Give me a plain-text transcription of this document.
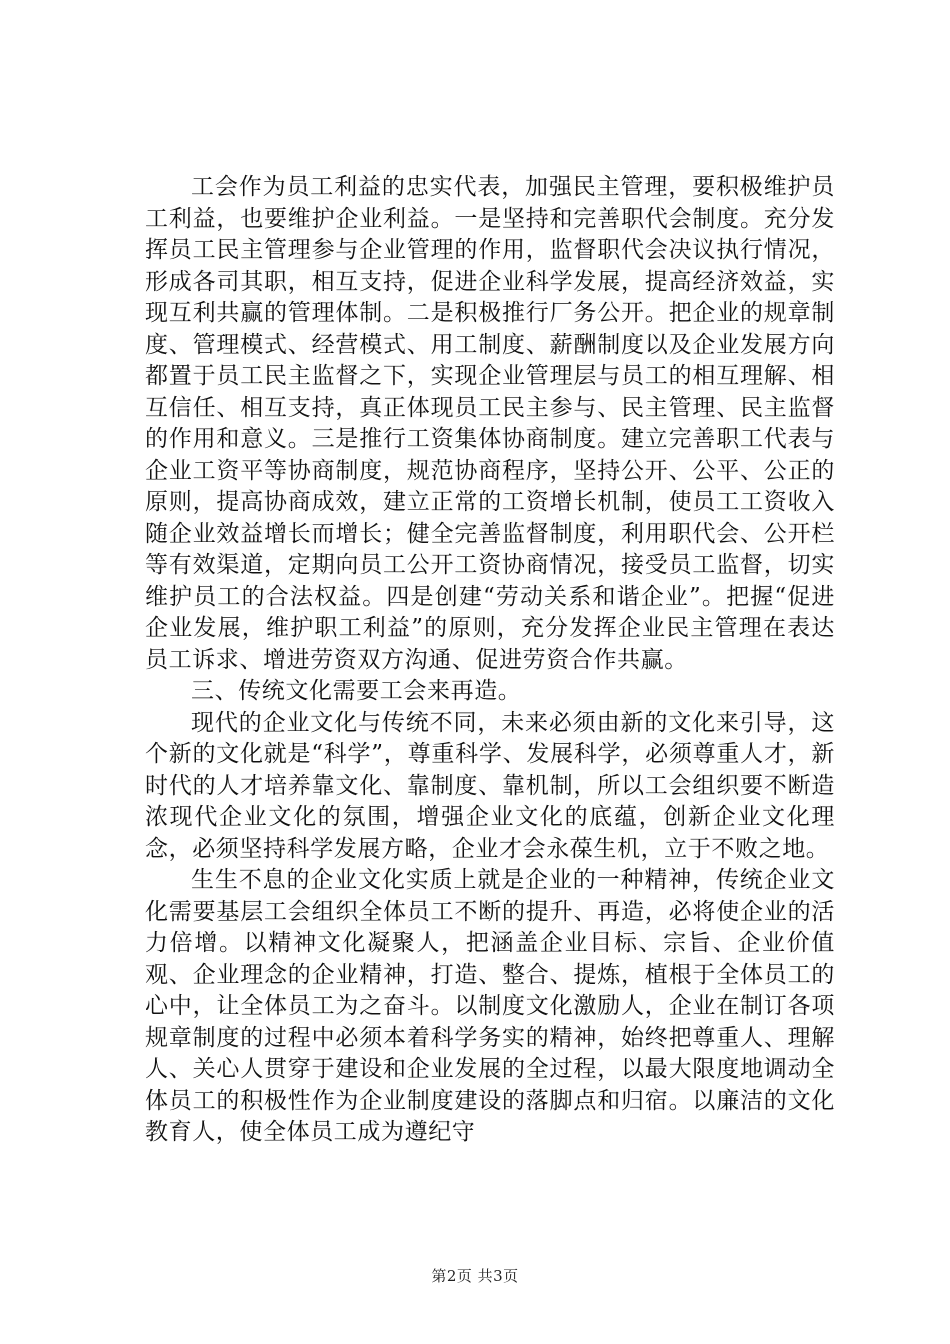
工会作为员工利益的忠实代表，加强民主管理，要积极维护员工利益，也要维护企业利益。一是坚持和完善职代会制度。充分发挥员工民主管理参与企业管理的作用，监督职代会决议执行情况，形成各司其职，相互支持，促进企业科学发展，提高经济效益，实现互利共赢的管理体制。二是积极推行厂务公开。把企业的规章制度、管理模式、经营模式、用工制度、薪酬制度以及企业发展方向都置于员工民主监督之下，实现企业管理层与员工的相互理解、相互信任、相互支持，真正体现员工民主参与、民主管理、民主监督的作用和意义。三是推行工资集体协商制度。建立完善职工代表与企业工资平等协商制度，规范协商程序，坚持公开、公平、公正的原则，提高协商成效，建立正常的工资增长机制，使员工工资收入随企业效益增长而增长；健全完善监督制度，利用职代会、公开栏等有效渠道，定期向员工公开工资协商情况，接受员工监督，切实维护员工的合法权益。四是创建“劳动关系和谐企业”。把握“促进企业发展，维护职工利益”的原则，充分发挥企业民主管理在表达员工诉求、增进劳资双方沟通、促进劳资合作共赢。

三、传统文化需要工会来再造。

现代的企业文化与传统不同，未来必须由新的文化来引导，这个新的文化就是“科学”，尊重科学、发展科学，必须尊重人才，新时代的人才培养靠文化、靠制度、靠机制，所以工会组织要不断造浓现代企业文化的氛围，增强企业文化的底蕴，创新企业文化理念，必须坚持科学发展方略，企业才会永葆生机，立于不败之地。

生生不息的企业文化实质上就是企业的一种精神，传统企业文化需要基层工会组织全体员工不断的提升、再造，必将使企业的活力倍增。以精神文化凝聚人，把涵盖企业目标、宗旨、企业价值观、企业理念的企业精神，打造、整合、提炼，植根于全体员工的心中，让全体员工为之奋斗。以制度文化激励人，企业在制订各项规章制度的过程中必须本着科学务实的精神，始终把尊重人、理解人、关心人贯穿于建设和企业发展的全过程，以最大限度地调动全体员工的积极性作为企业制度建设的落脚点和归宿。以廉洁的文化教育人，使全体员工成为遵纪守

第2页 共3页
